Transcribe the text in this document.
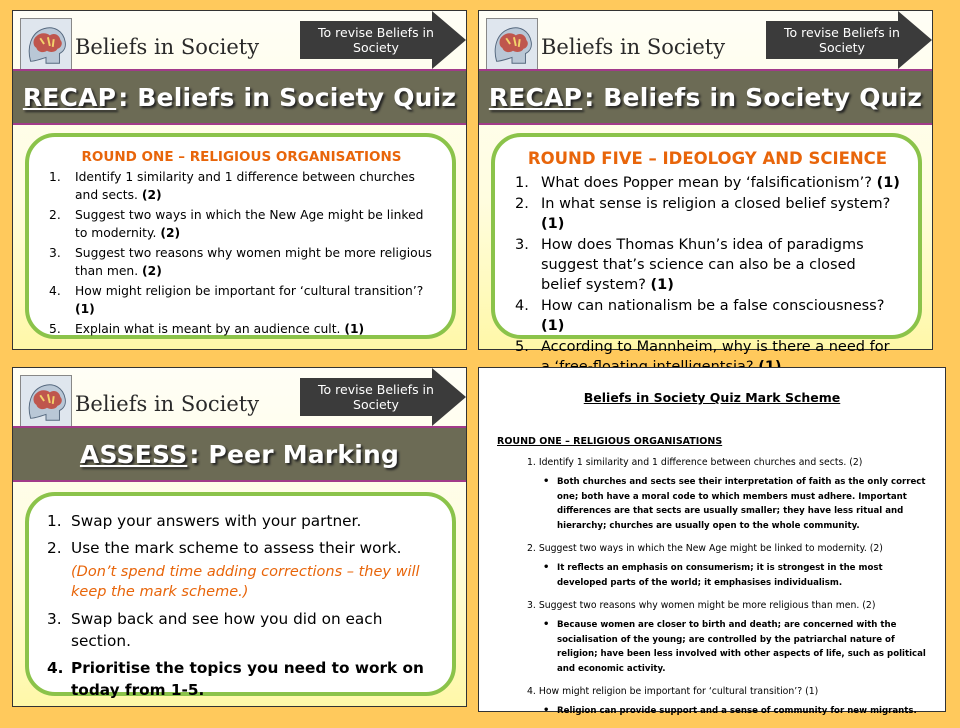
Beliefs in Society
To revise Beliefs in Society
RECAP : Beliefs in Society Quiz
ROUND ONE – RELIGIOUS ORGANISATIONS
1. Identify 1 similarity and 1 difference between churches and sects. (2)
2. Suggest two ways in which the New Age might be linked to modernity. (2)
3. Suggest two reasons why women might be more religious than men. (2)
4. How might religion be important for ‘cultural transition’? (1)
5. Explain what is meant by an audience cult. (1)
Beliefs in Society
To revise Beliefs in Society
RECAP : Beliefs in Society Quiz
ROUND FIVE – IDEOLOGY AND SCIENCE
1. What does Popper mean by ‘falsificationism’? (1)
2. In what sense is religion a closed belief system? (1)
3. How does Thomas Khun’s idea of paradigms suggest that’s science can also be a closed belief system? (1)
4. How can nationalism be a false consciousness? (1)
5. According to Mannheim, why is there a need for
Beliefs in Society
To revise Beliefs in Society
ASSESS : Peer Marking
1. Swap your answers with your partner.
2. Use the mark scheme to assess their work.
(Don’t spend time adding corrections – they will keep the mark scheme.)
3. Swap back and see how you did on each section.
4. Prioritise the topics you need to work on today from 1-5.
Beliefs in Society Quiz Mark Scheme
ROUND ONE – RELIGIOUS ORGANISATIONS
1. Identify 1 similarity and 1 difference between churches and sects. (2)
• Both churches and sects see their interpretation of faith as the only correct one; both have a moral code to which members must adhere. Important differences are that sects are usually smaller; they have less ritual and hierarchy; churches are usually open to the whole community.
2. Suggest two ways in which the New Age might be linked to modernity. (2)
• It reflects an emphasis on consumerism; it is strongest in the most developed parts of the world; it emphasises individualism.
3. Suggest two reasons why women might be more religious than men. (2)
• Because women are closer to birth and death; are concerned with the socialisation of the young; are controlled by the patriarchal nature of religion; have been less involved with other aspects of life, such as political and economic activity.
4. How might religion be important for ‘cultural transition’? (1)
• Religion can provide support and a sense of community for new migrants.
